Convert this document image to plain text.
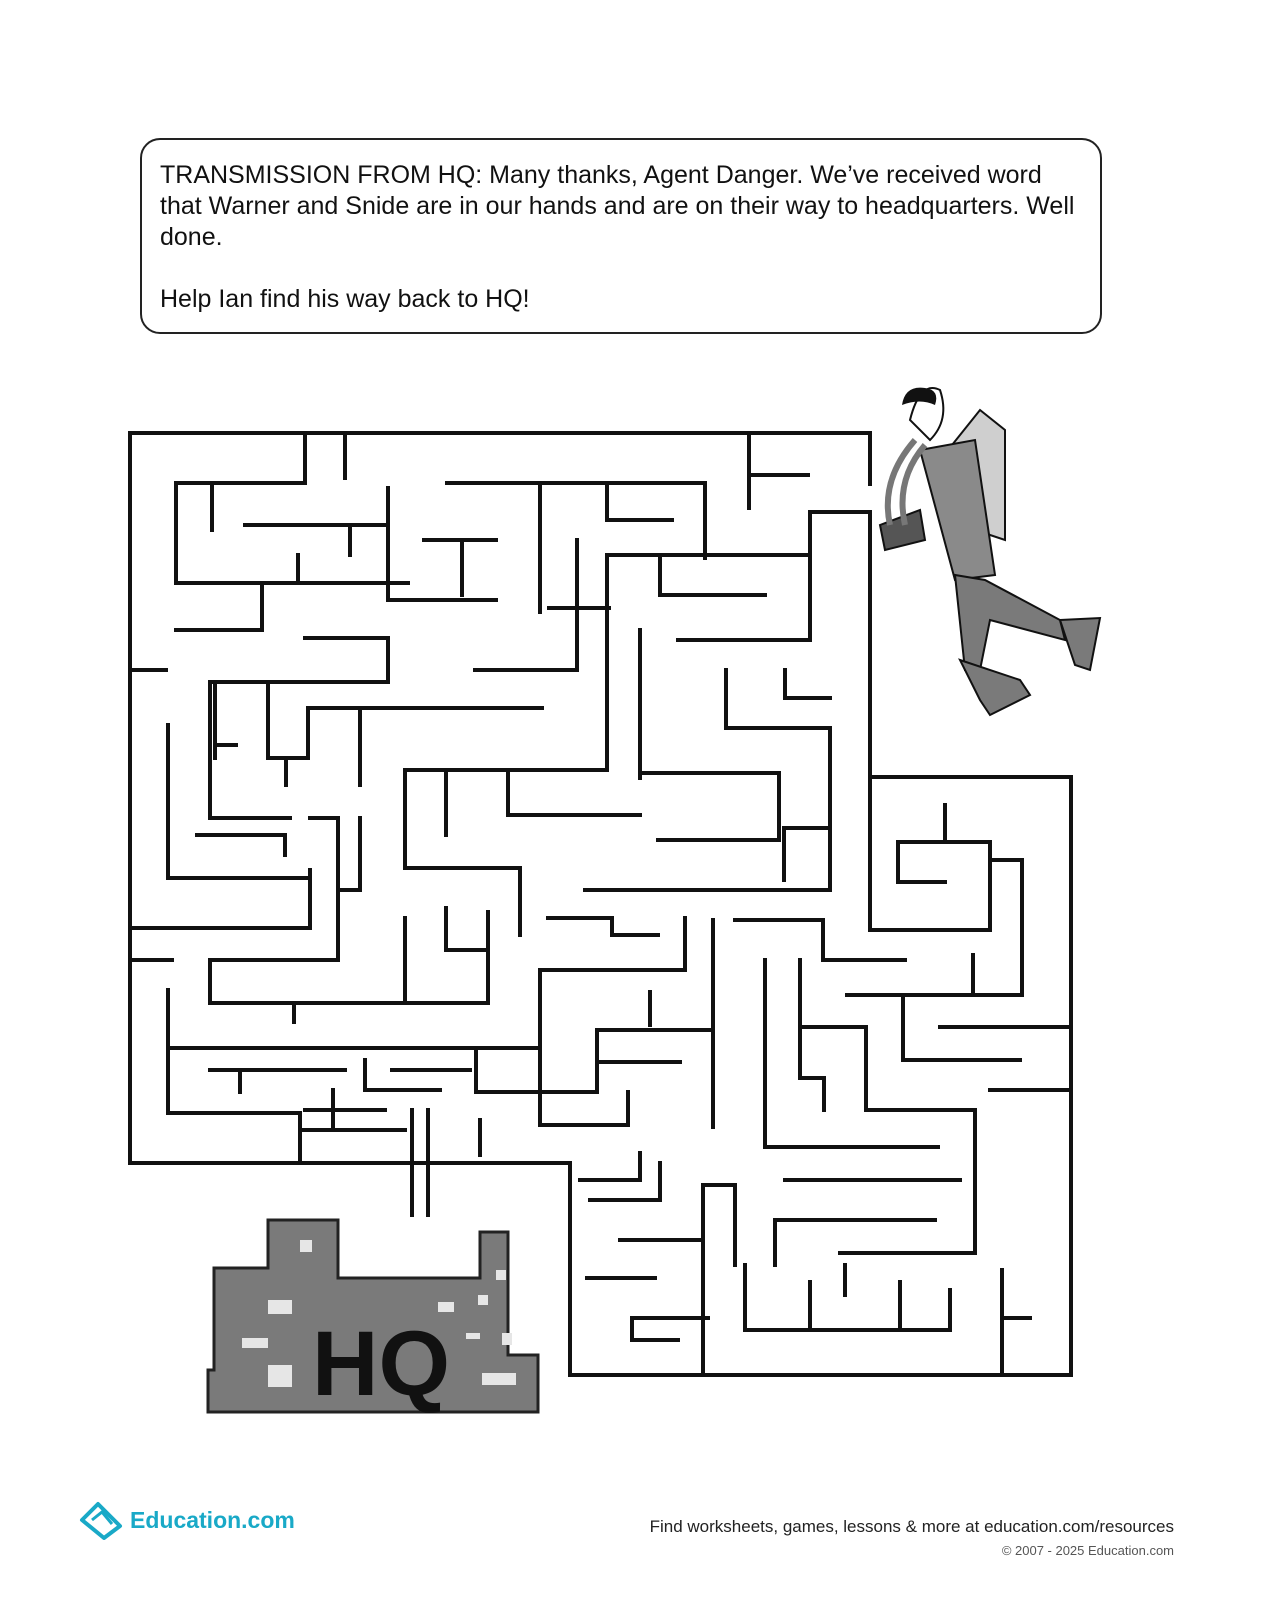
TRANSMISSION FROM HQ: Many thanks, Agent Danger. We’ve received word that Warner and Snide are in our hands and are on their way to headquarters. Well done.

Help Ian find his way back to HQ!

HQ
Education.com	Find worksheets, games, lessons & more at education.com/resources
© 2007 - 2025 Education.com
